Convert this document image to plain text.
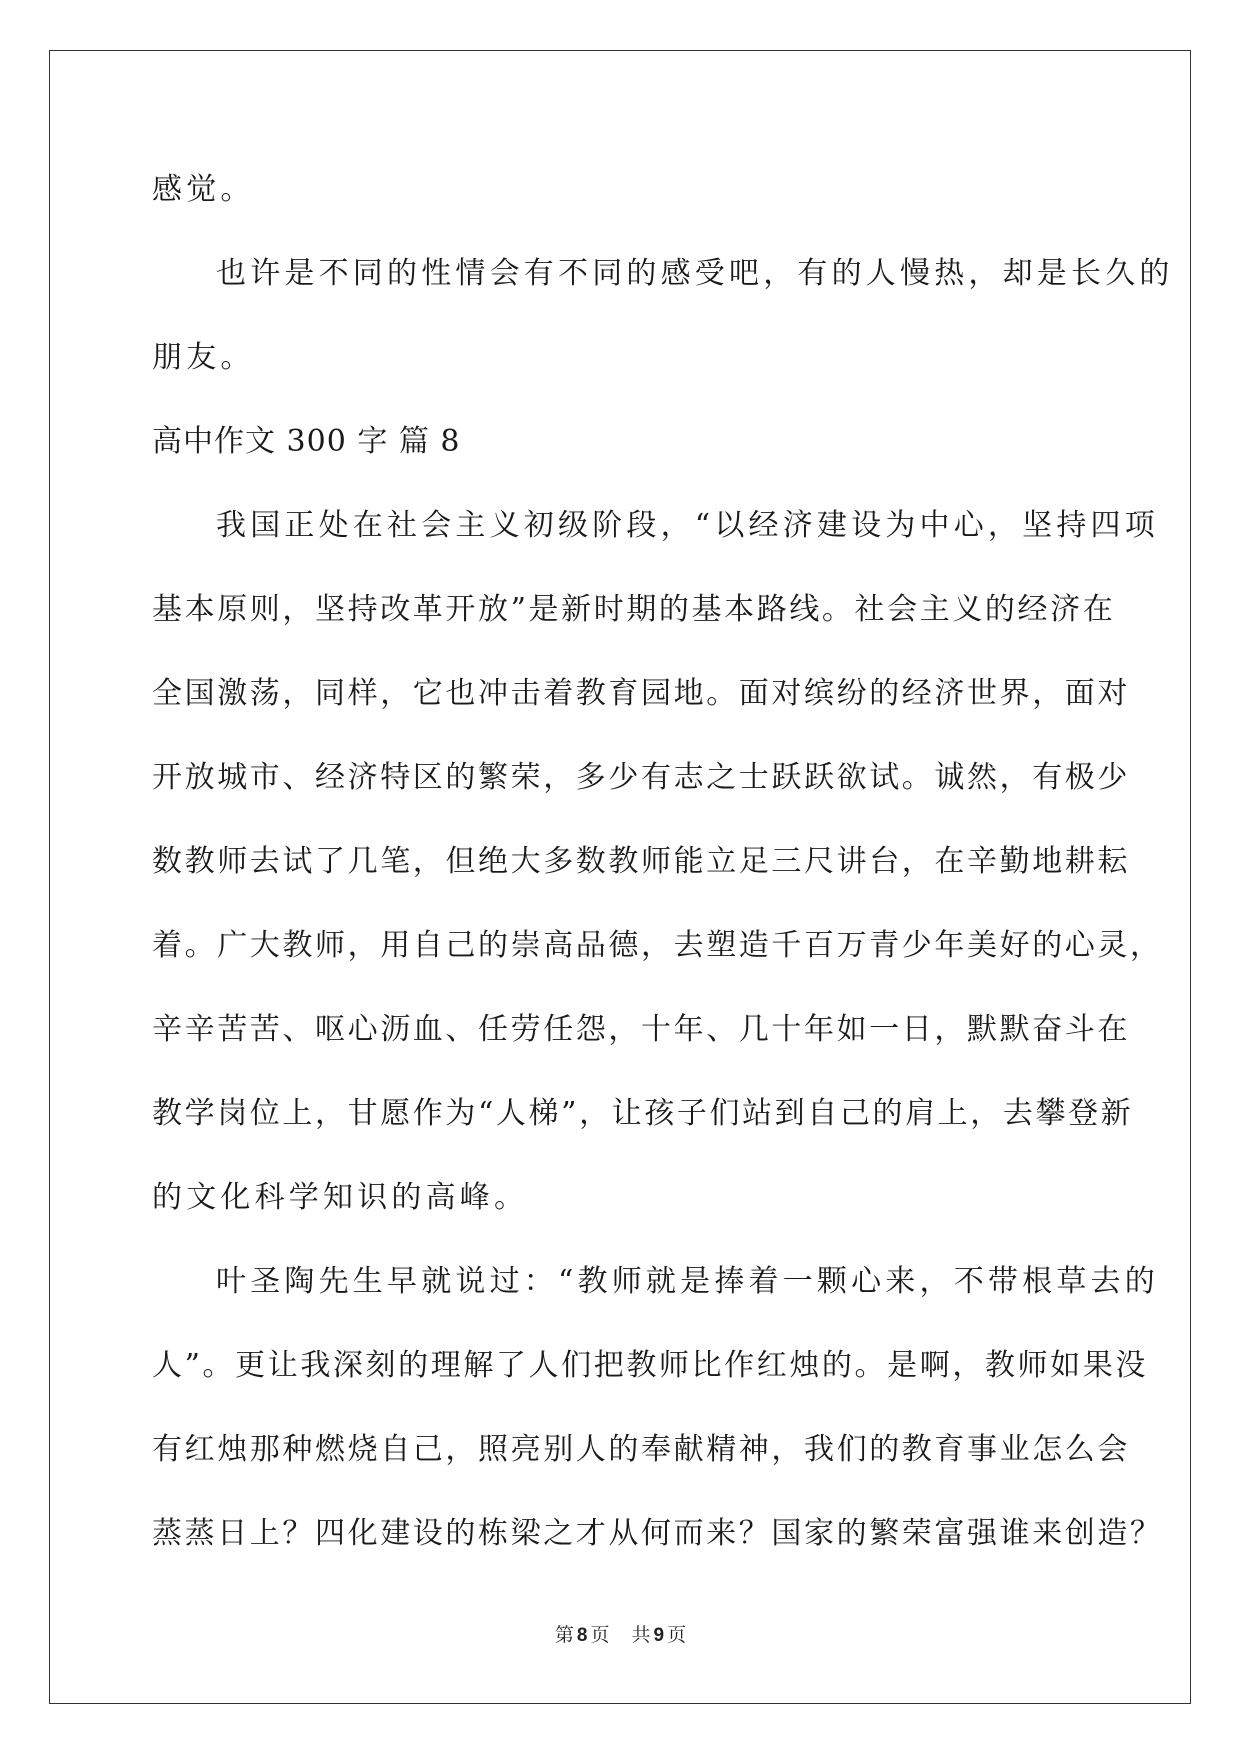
感觉。
也许是不同的性情会有不同的感受吧，有的人慢热，却是长久的
朋友。
高中作文 300 字 篇 8
我国正处在社会主义初级阶段，“以经济建设为中心，坚持四项
基本原则，坚持改革开放”是新时期的基本路线。社会主义的经济在
全国激荡，同样，它也冲击着教育园地。面对缤纷的经济世界，面对
开放城市、经济特区的繁荣，多少有志之士跃跃欲试。诚然，有极少
数教师去试了几笔，但绝大多数教师能立足三尺讲台，在辛勤地耕耘
着。广大教师，用自己的崇高品德，去塑造千百万青少年美好的心灵，
辛辛苦苦、呕心沥血、任劳任怨，十年、几十年如一日，默默奋斗在
教学岗位上，甘愿作为“人梯”，让孩子们站到自己的肩上，去攀登新
的文化科学知识的高峰。
叶圣陶先生早就说过：“教师就是捧着一颗心来，不带根草去的
人”。更让我深刻的理解了人们把教师比作红烛的。是啊，教师如果没
有红烛那种燃烧自己，照亮别人的奉献精神，我们的教育事业怎么会
蒸蒸日上？四化建设的栋梁之才从何而来？国家的繁荣富强谁来创造？
第 8 页 共 9 页
